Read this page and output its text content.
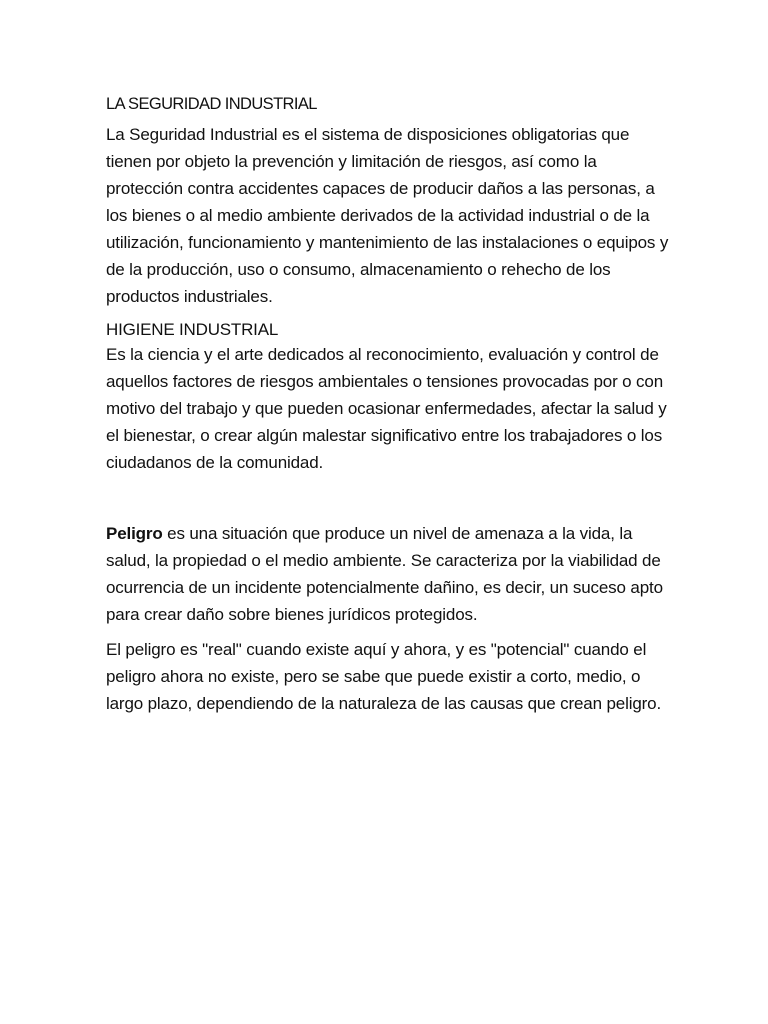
LA SEGURIDAD INDUSTRIAL

La Seguridad Industrial es el sistema de disposiciones obligatorias que tienen por objeto la prevención y limitación de riesgos, así como la protección contra accidentes capaces de producir daños a las personas, a los bienes o al medio ambiente derivados de la actividad industrial o de la utilización, funcionamiento y mantenimiento de las instalaciones o equipos y de la producción, uso o consumo, almacenamiento o rehecho de los productos industriales.

HIGIENE INDUSTRIAL

Es la ciencia y el arte dedicados al reconocimiento, evaluación y control de aquellos factores de riesgos ambientales o tensiones provocadas por o con motivo del trabajo y que pueden ocasionar enfermedades, afectar la salud y el bienestar, o crear algún malestar significativo entre los trabajadores o los ciudadanos de la comunidad.

Peligro es una situación que produce un nivel de amenaza a la vida, la salud, la propiedad o el medio ambiente. Se caracteriza por la viabilidad de ocurrencia de un incidente potencialmente dañino, es decir, un suceso apto para crear daño sobre bienes jurídicos protegidos.

El peligro es "real" cuando existe aquí y ahora, y es "potencial" cuando el peligro ahora no existe, pero se sabe que puede existir a corto, medio, o largo plazo, dependiendo de la naturaleza de las causas que crean peligro.
